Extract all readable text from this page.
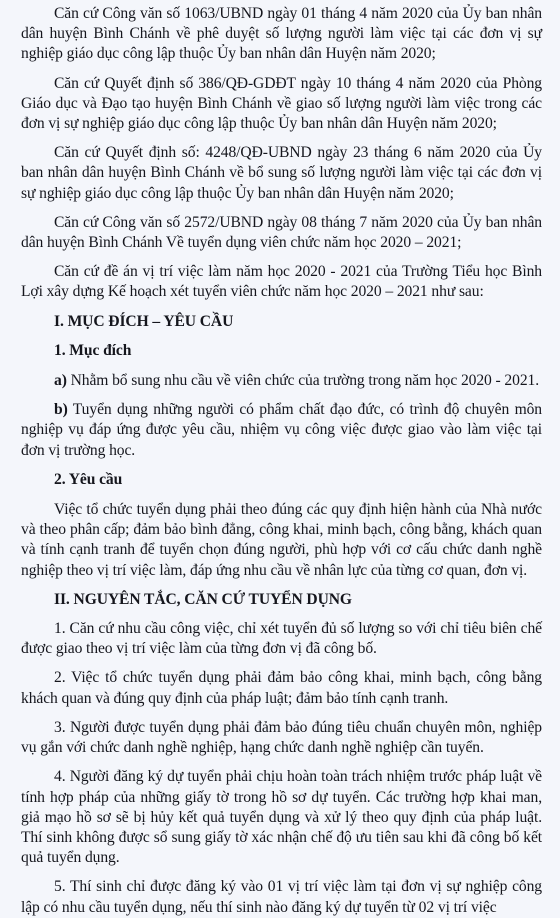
Căn cứ Công văn số 1063/UBND ngày 01 tháng 4 năm 2020 của Ủy ban nhân dân huyện Bình Chánh về phê duyệt số lượng người làm việc tại các đơn vị sự nghiệp giáo dục công lập thuộc Ủy ban nhân dân Huyện năm 2020;

Căn cứ Quyết định số 386/QĐ-GDĐT ngày 10 tháng 4 năm 2020 của Phòng Giáo dục và Đạo tạo huyện Bình Chánh về giao số lượng người làm việc trong các đơn vị sự nghiệp giáo dục công lập thuộc Ủy ban nhân dân Huyện năm 2020;

Căn cứ Quyết định số: 4248/QĐ-UBND ngày 23 tháng 6 năm 2020 của Ủy ban nhân dân huyện Bình Chánh về bổ sung số lượng người làm việc tại các đơn vị sự nghiệp giáo dục công lập thuộc Ủy ban nhân dân Huyện năm 2020;

Căn cứ Công văn số 2572/UBND ngày 08 tháng 7 năm 2020 của Ủy ban nhân dân huyện Bình Chánh Về tuyển dụng viên chức năm học 2020 – 2021;

Căn cứ đề án vị trí việc làm năm học 2020 - 2021 của Trường Tiểu học Bình Lợi xây dựng Kế hoạch xét tuyển viên chức năm học 2020 – 2021 như sau:

I. MỤC ĐÍCH – YÊU CẦU

1. Mục đích

a) Nhằm bổ sung nhu cầu về viên chức của trường trong năm học 2020 - 2021.

b) Tuyển dụng những người có phẩm chất đạo đức, có trình độ chuyên môn nghiệp vụ đáp ứng được yêu cầu, nhiệm vụ công việc được giao vào làm việc tại đơn vị trường học.

2. Yêu cầu

Việc tổ chức tuyển dụng phải theo đúng các quy định hiện hành của Nhà nước và theo phân cấp; đảm bảo bình đẳng, công khai, minh bạch, công bằng, khách quan và tính cạnh tranh để tuyển chọn đúng người, phù hợp với cơ cấu chức danh nghề nghiệp theo vị trí việc làm, đáp ứng nhu cầu về nhân lực của từng cơ quan, đơn vị.

II. NGUYÊN TẮC, CĂN CỨ TUYỂN DỤNG

1. Căn cứ nhu cầu công việc, chỉ xét tuyển đủ số lượng so với chỉ tiêu biên chế được giao theo vị trí việc làm của từng đơn vị đã công bố.

2. Việc tổ chức tuyển dụng phải đảm bảo công khai, minh bạch, công bằng khách quan và đúng quy định của pháp luật; đảm bảo tính cạnh tranh.

3. Người được tuyển dụng phải đảm bảo đúng tiêu chuẩn chuyên môn, nghiệp vụ gắn với chức danh nghề nghiệp, hạng chức danh nghề nghiệp cần tuyển.

4. Người đăng ký dự tuyển phải chịu hoàn toàn trách nhiệm trước pháp luật về tính hợp pháp của những giấy tờ trong hồ sơ dự tuyển. Các trường hợp khai man, giả mạo hồ sơ sẽ bị hủy kết quả tuyển dụng và xử lý theo quy định của pháp luật. Thí sinh không được sổ sung giấy tờ xác nhận chế độ ưu tiên sau khi đã công bố kết quả tuyển dụng.

5. Thí sinh chỉ được đăng ký vào 01 vị trí việc làm tại đơn vị sự nghiệp công lập có nhu cầu tuyển dụng, nếu thí sinh nào đăng ký dự tuyển từ 02 vị trí việc
